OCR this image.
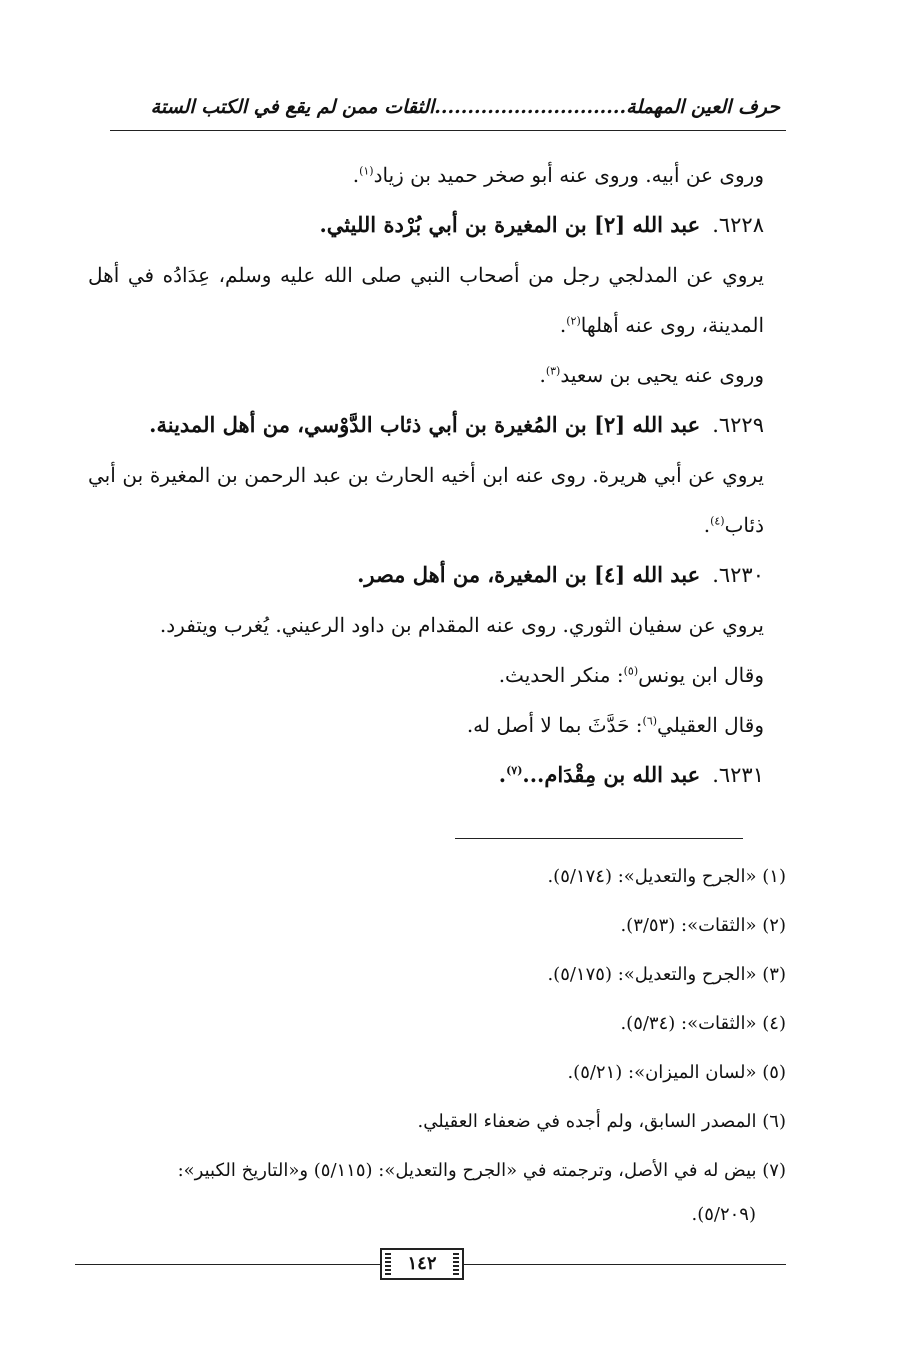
حرف العين المهملة.............................الثقات ممن لم يقع في الكتب الستة
وروى عن أبيه. وروى عنه أبو صخر حميد بن زياد$^{(١)}$.
٦٢٢٨.عبد الله [٢] بن المغيرة بن أبي بُرْدة الليثي.
يروي عن المدلجي رجل من أصحاب النبي صلى الله عليه وسلم، عِدَادُه في أهل المدينة، روى عنه أهلها$^{(٢)}$.
وروى عنه يحيى بن سعيد$^{(٣)}$.
٦٢٢٩.عبد الله [٢] بن المُغيرة بن أبي ذئاب الدَّوْسي، من أهل المدينة.
يروي عن أبي هريرة. روى عنه ابن أخيه الحارث بن عبد الرحمن بن المغيرة بن أبي ذئاب$^{(٤)}$.
٦٢٣٠.عبد الله [٤] بن المغيرة، من أهل مصر.
يروي عن سفيان الثوري. روى عنه المقدام بن داود الرعيني. يُغرب ويتفرد.
وقال ابن يونس$^{(٥)}$: منكر الحديث.
وقال العقيلي$^{(٦)}$: حَدَّثَ بما لا أصل له.
٦٢٣١.عبد الله بن مِقْدَام...$^{(٧)}$.
(١) «الجرح والتعديل»: (٥/١٧٤).
(٢) «الثقات»: (٣/٥٣).
(٣) «الجرح والتعديل»: (٥/١٧٥).
(٤) «الثقات»: (٥/٣٤).
(٥) «لسان الميزان»: (٥/٢١).
(٦) المصدر السابق، ولم أجده في ضعفاء العقيلي.
(٧) بيض له في الأصل، وترجمته في «الجرح والتعديل»: (٥/١١٥) و«التاريخ الكبير»:
(٥/٢٠٩).
١٤٢
